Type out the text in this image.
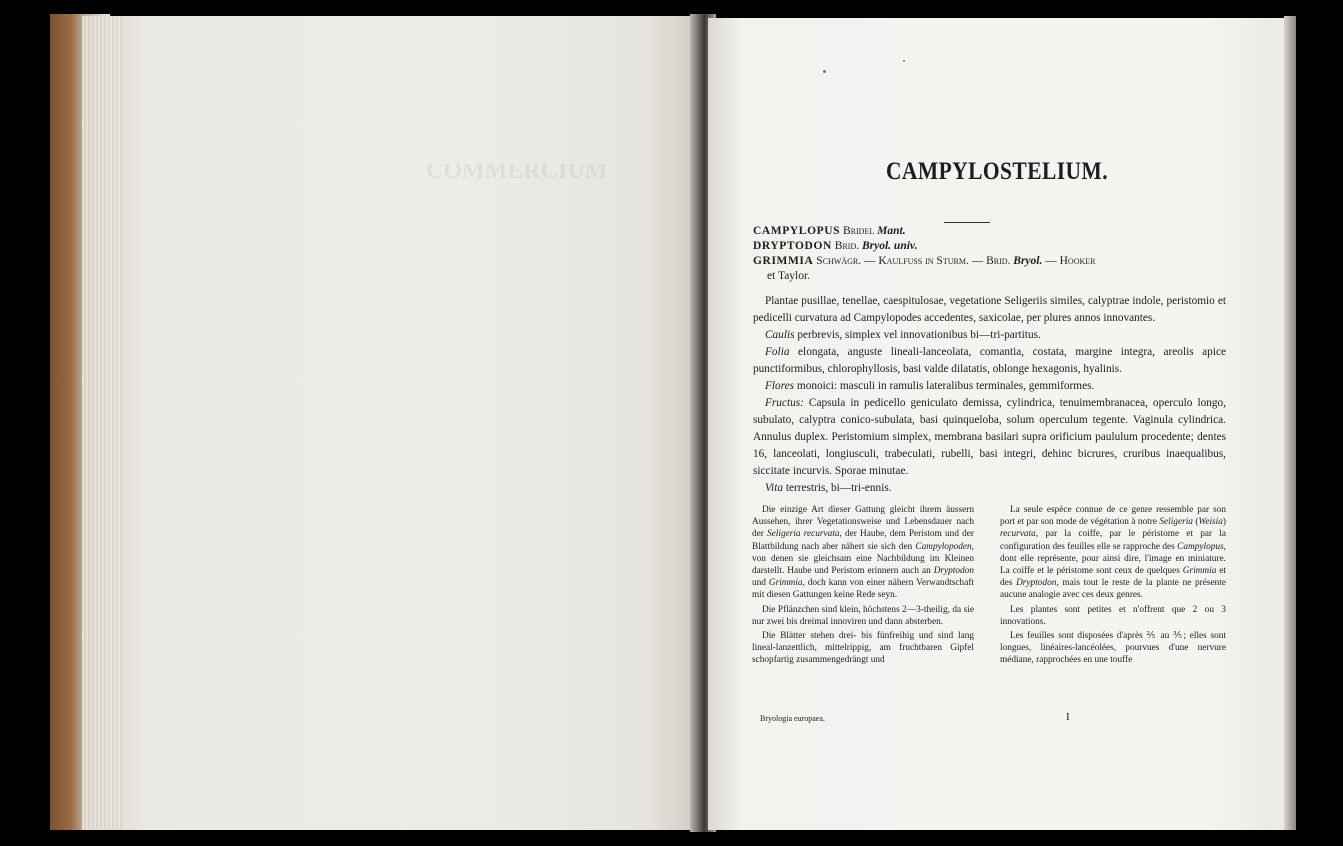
COMMERCIUM	CAMPYLOSTELIUM.
CAMPYLOPUS Bridel Mant.
DRYPTODON Brid. Bryol. univ.
GRIMMIA Schwägr. — Kaulfuss in Sturm. — Brid. Bryol. — Hooker
et Taylor.

Plantae pusillae, tenellae, caespitulosae, vegetatione Seligeriis similes, calyptrae indole, peristomio et pedicelli curvatura ad Campylopodes accedentes, saxicolae, per plures annos innovantes.

Caulis perbrevis, simplex vel innovationibus bi—tri-partitus.

Folia elongata, anguste lineali-lanceolata, comantia, costata, margine integra, areolis apice punctiformibus, chlorophyllosis, basi valde dilatatis, oblonge hexagonis, hyalinis.

Flores monoici: masculi in ramulis lateralibus terminales, gemmiformes.

Fructus: Capsula in pedicello geniculato demissa, cylindrica, tenuimembranacea, operculo longo, subulato, calyptra conico-subulata, basi quinqueloba, solum operculum tegente. Vaginula cylindrica. Annulus duplex. Peristomium simplex, membrana basilari supra orificium paululum procedente; dentes 16, lanceolati, longiusculi, trabeculati, rubelli, basi integri, dehinc bicrures, cruribus inaequalibus, siccitate incurvis. Sporae minutae.

Vita terrestris, bi—tri-ennis.

Die einzige Art dieser Gattung gleicht ihrem äussern Aussehen, ihrer Vegetationsweise und Lebensdauer nach der Seligeria recurvata, der Haube, dem Peristom und der Blattbildung nach aber nähert sie sich den Campylopoden, von denen sie gleichsam eine Nachbildung im Kleinen darstellt. Haube und Peristom erinnern auch an Dryptodon und Grimmia, doch kann von einer nähern Verwandtschaft mit diesen Gattungen keine Rede seyn.

Die Pflänzchen sind klein, höchstens 2—3-theilig, da sie nur zwei bis dreimal innoviren und dann absterben.

Die Blätter stehen drei- bis fünfreihig und sind lang lineal-lanzettlich, mittelrippig, am fruchtbaren Gipfel schopfartig zusammengedrängt und

La seule espèce connue de ce genre ressemble par son port et par son mode de végétation à notre Seligeria (Weisia) recurvata, par la coiffe, par le péristome et par la configuration des feuilles elle se rapproche des Campylopus, dont elle représente, pour ainsi dire, l'image en miniature. La coiffe et le péristome sont ceux de quelques Grimmia et des Dryptodon, mais tout le reste de la plante ne présente aucune analogie avec ces deux genres.

Les plantes sont petites et n'offrent que 2 ou 3 innovations.

Les feuilles sont disposées d'après ⅖ au ⅗; elles sont longues, linéaires-lancéolées, pourvues d'une nervure médiane, rapprochées en une touffe

Bryologia europaea.	I
